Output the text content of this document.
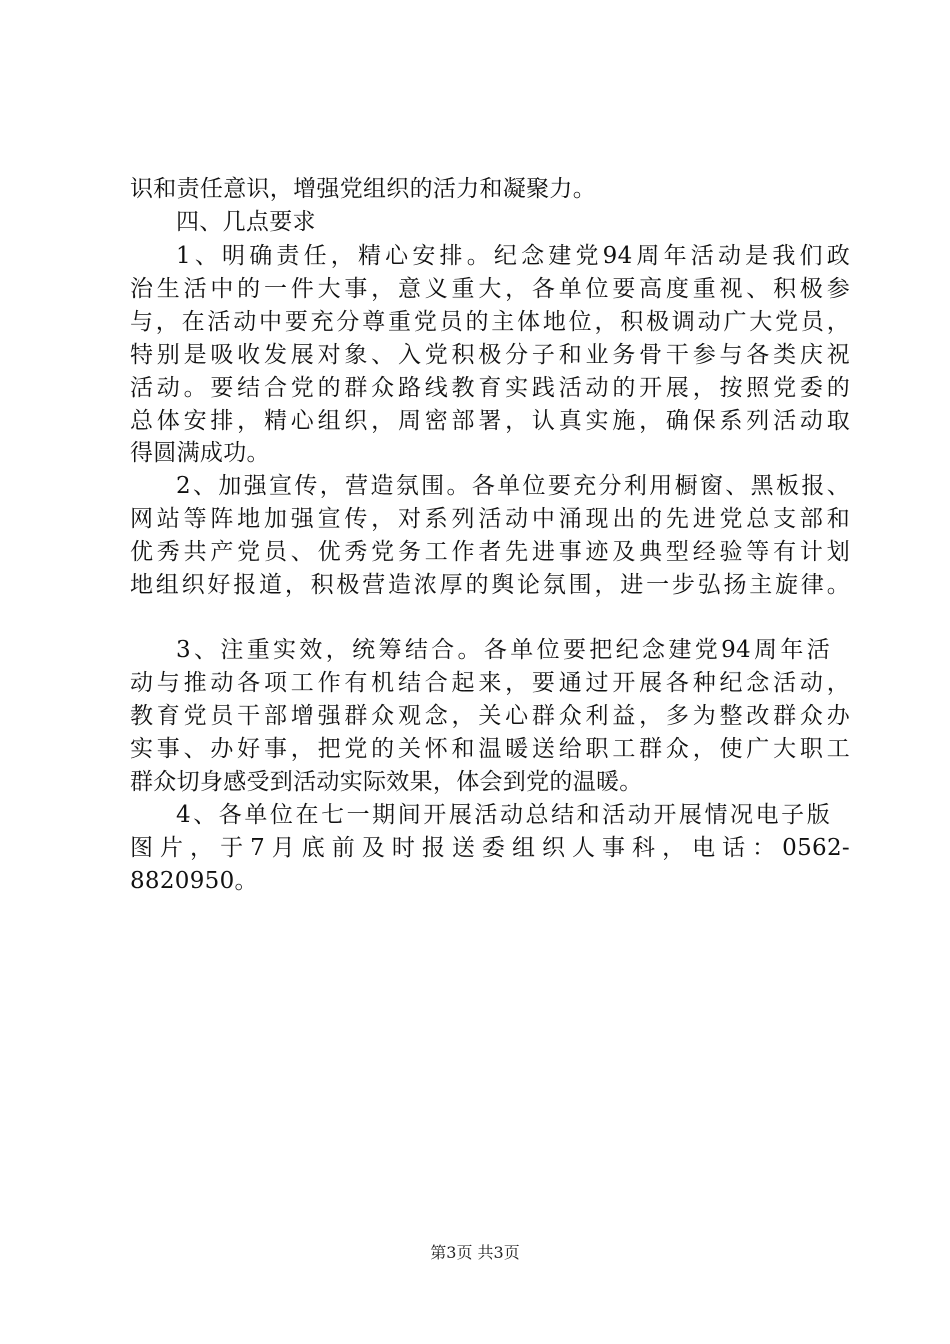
识和责任意识，增强党组织的活力和凝聚力。
四、几点要求
1、明确责任，精心安排。纪念建党94周年活动是我们政
治生活中的一件大事，意义重大，各单位要高度重视、积极参
与，在活动中要充分尊重党员的主体地位，积极调动广大党员，
特别是吸收发展对象、入党积极分子和业务骨干参与各类庆祝
活动。要结合党的群众路线教育实践活动的开展，按照党委的
总体安排，精心组织，周密部署，认真实施，确保系列活动取
得圆满成功。
2、加强宣传，营造氛围。各单位要充分利用橱窗、黑板报、
网站等阵地加强宣传，对系列活动中涌现出的先进党总支部和
优秀共产党员、优秀党务工作者先进事迹及典型经验等有计划
地组织好报道，积极营造浓厚的舆论氛围，进一步弘扬主旋律。
3、注重实效，统筹结合。各单位要把纪念建党94周年活
动与推动各项工作有机结合起来，要通过开展各种纪念活动，
教育党员干部增强群众观念，关心群众利益，多为整改群众办
实事、办好事，把党的关怀和温暖送给职工群众，使广大职工
群众切身感受到活动实际效果，体会到党的温暖。
4、各单位在七一期间开展活动总结和活动开展情况电子版
图片，于7月底前及时报送委组织人事科，电话：0562-
8820950。
第3页 共3页
